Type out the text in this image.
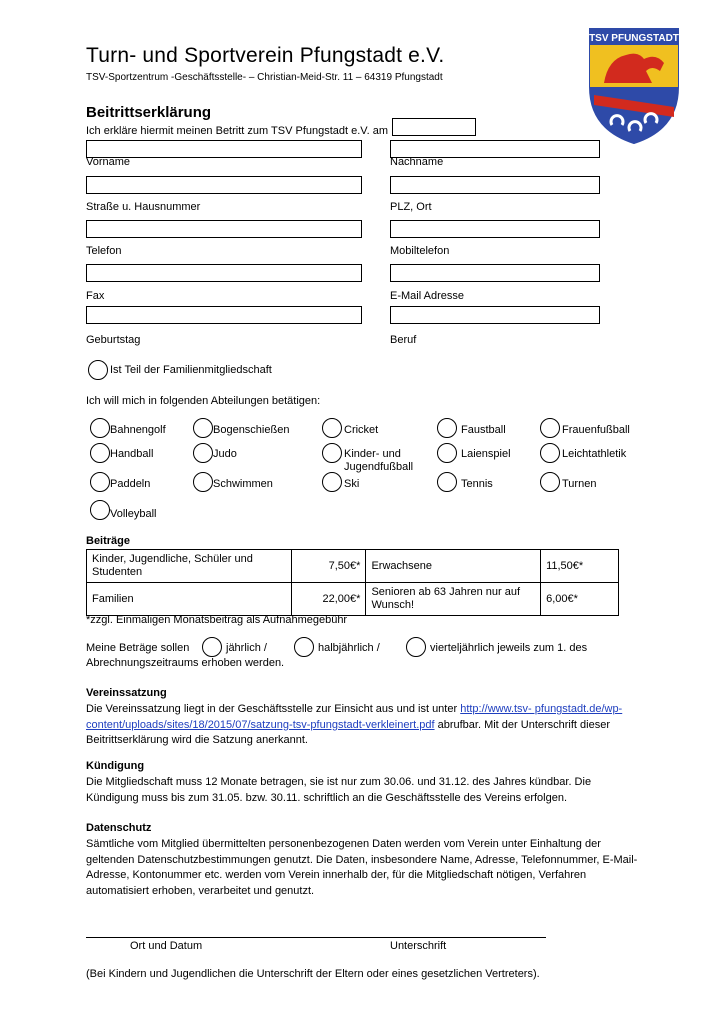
Turn- und Sportverein Pfungstadt e.V.
TSV-Sportzentrum -Geschäftsstelle- – Christian-Meid-Str. 11 – 64319 Pfungstadt
TSV PFUNGSTADT
Beitrittserklärung
Ich erkläre hiermit meinen Betritt zum TSV Pfungstadt e.V. am
Vorname	Nachname
Straße u. Hausnummer	PLZ, Ort
Telefon	Mobiltelefon
Fax	E-Mail Adresse
Geburtstag	Beruf
Ist Teil der Familienmitgliedschaft
Ich will mich in folgenden Abteilungen betätigen:
Bahnengolf	Bogenschießen	Cricket	Faustball	Frauenfußball
Handball	Judo	Kinder- und Jugendfußball
Laienspiel	Leichtathletik
Paddeln	Schwimmen	Ski	Tennis	Turnen
Volleyball
Beiträge
Kinder, Jugendliche, Schüler und Studenten	7,50€*	Erwachsene	11,50€*
Familien	22,00€*	Senioren ab 63 Jahren nur auf Wunsch!	6,00€*
*zzgl. Einmaligen Monatsbeitrag als Aufnahmegebühr
Meine Beträge sollen	jährlich /	halbjährlich /	vierteljährlich jeweils zum 1. des
Abrechnungszeitraums erhoben werden.
Vereinssatzung
Die Vereinssatzung liegt in der Geschäftsstelle zur Einsicht aus und ist unter http://www.tsv- pfungstadt.de/wp-content/uploads/sites/18/2015/07/satzung-tsv-pfungstadt-verkleinert.pdf abrufbar. Mit der Unterschrift dieser Beitrittserklärung wird die Satzung anerkannt.
Kündigung
Die Mitgliedschaft muss 12 Monate betragen, sie ist nur zum 30.06. und 31.12. des Jahres kündbar. Die Kündigung muss bis zum 31.05. bzw. 30.11. schriftlich an die Geschäftsstelle des Vereins erfolgen.
Datenschutz
Sämtliche vom Mitglied übermittelten personenbezogenen Daten werden vom Verein unter Einhaltung der geltenden Datenschutzbestimmungen genutzt. Die Daten, insbesondere Name, Adresse, Telefonnummer, E-Mail-Adresse, Kontonummer etc. werden vom Verein innerhalb der, für die Mitgliedschaft nötigen, Verfahren automatisiert erhoben, verarbeitet und genutzt.
Ort und Datum	Unterschrift
(Bei Kindern und Jugendlichen die Unterschrift der Eltern oder eines gesetzlichen Vertreters).
